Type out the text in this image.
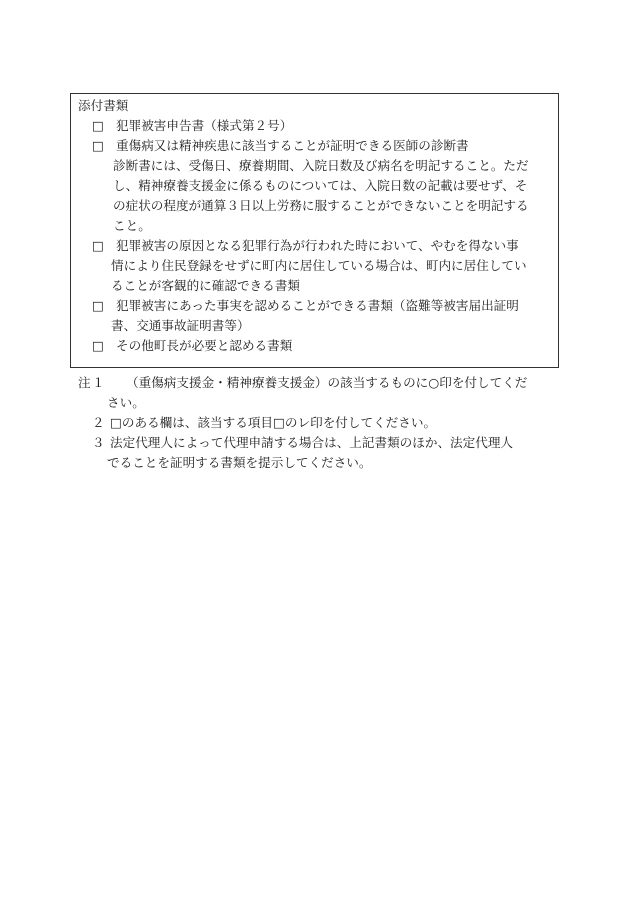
添付書類
□ 犯罪被害申告書（様式第２号）
□ 重傷病又は精神疾患に該当することが証明できる医師の診断書
診断書には、受傷日、療養期間、入院日数及び病名を明記すること。ただ
し、精神療養支援金に係るものについては、入院日数の記載は要せず、そ
の症状の程度が通算３日以上労務に服することができないことを明記する
こと。
□ 犯罪被害の原因となる犯罪行為が行われた時において、やむを得ない事
情により住民登録をせずに町内に居住している場合は、町内に居住してい
ることが客観的に確認できる書類
□ 犯罪被害にあった事実を認めることができる書類（盗難等被害届出証明
書、交通事故証明書等）
□ その他町長が必要と認める書類
注１ （重傷病支援金・精神療養支援金）の該当するものに○印を付してくだ
さい。
２ □のある欄は、該当する項目□のレ印を付してください。
３ 法定代理人によって代理申請する場合は、上記書類のほか、法定代理人
でることを証明する書類を提示してください。
